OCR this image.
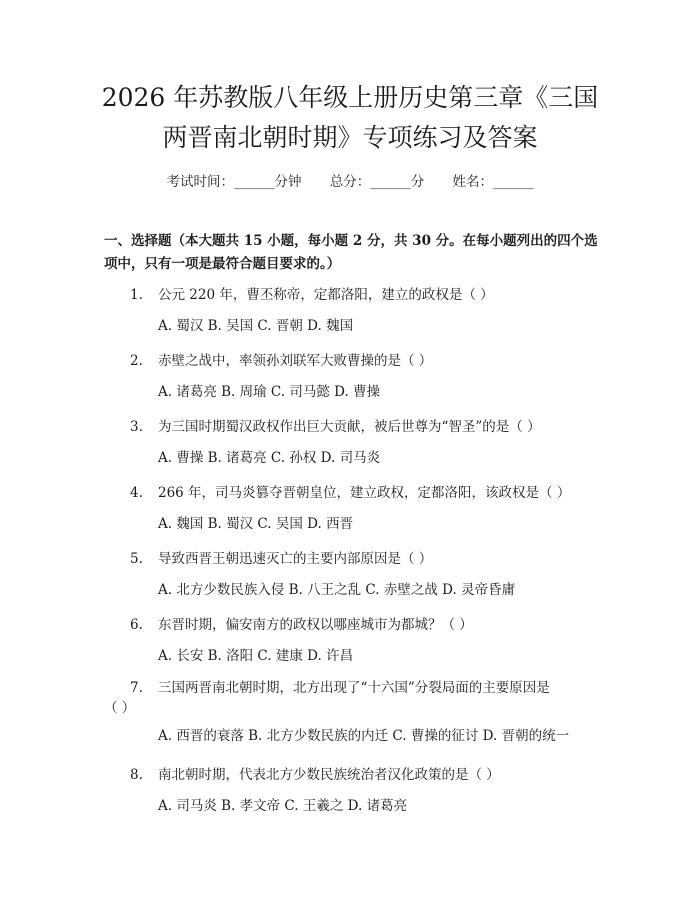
2026 年苏教版八年级上册历史第三章《三国
两晋南北朝时期》专项练习及答案
考试时间：______分钟 总分：______分 姓名：______
一、选择题（本大题共 15 小题，每小题 2 分，共 30 分。在每小题列出的四个选
项中，只有一项是最符合题目要求的。）
1. 公元 220 年，曹丕称帝，定都洛阳，建立的政权是（ ）
A. 蜀汉 B. 吴国 C. 晋朝 D. 魏国
2. 赤壁之战中，率领孙刘联军大败曹操的是（ ）
A. 诸葛亮 B. 周瑜 C. 司马懿 D. 曹操
3. 为三国时期蜀汉政权作出巨大贡献，被后世尊为“智圣”的是（ ）
A. 曹操 B. 诸葛亮 C. 孙权 D. 司马炎
4. 266 年，司马炎篡夺晋朝皇位，建立政权，定都洛阳，该政权是（ ）
A. 魏国 B. 蜀汉 C. 吴国 D. 西晋
5. 导致西晋王朝迅速灭亡的主要内部原因是（ ）
A. 北方少数民族入侵 B. 八王之乱 C. 赤壁之战 D. 灵帝昏庸
6. 东晋时期，偏安南方的政权以哪座城市为都城？（ ）
A. 长安 B. 洛阳 C. 建康 D. 许昌
7. 三国两晋南北朝时期，北方出现了“十六国”分裂局面的主要原因是
（ ）
A. 西晋的衰落 B. 北方少数民族的内迁 C. 曹操的征讨 D. 晋朝的统一
8. 南北朝时期，代表北方少数民族统治者汉化政策的是（ ）
A. 司马炎 B. 孝文帝 C. 王羲之 D. 诸葛亮
